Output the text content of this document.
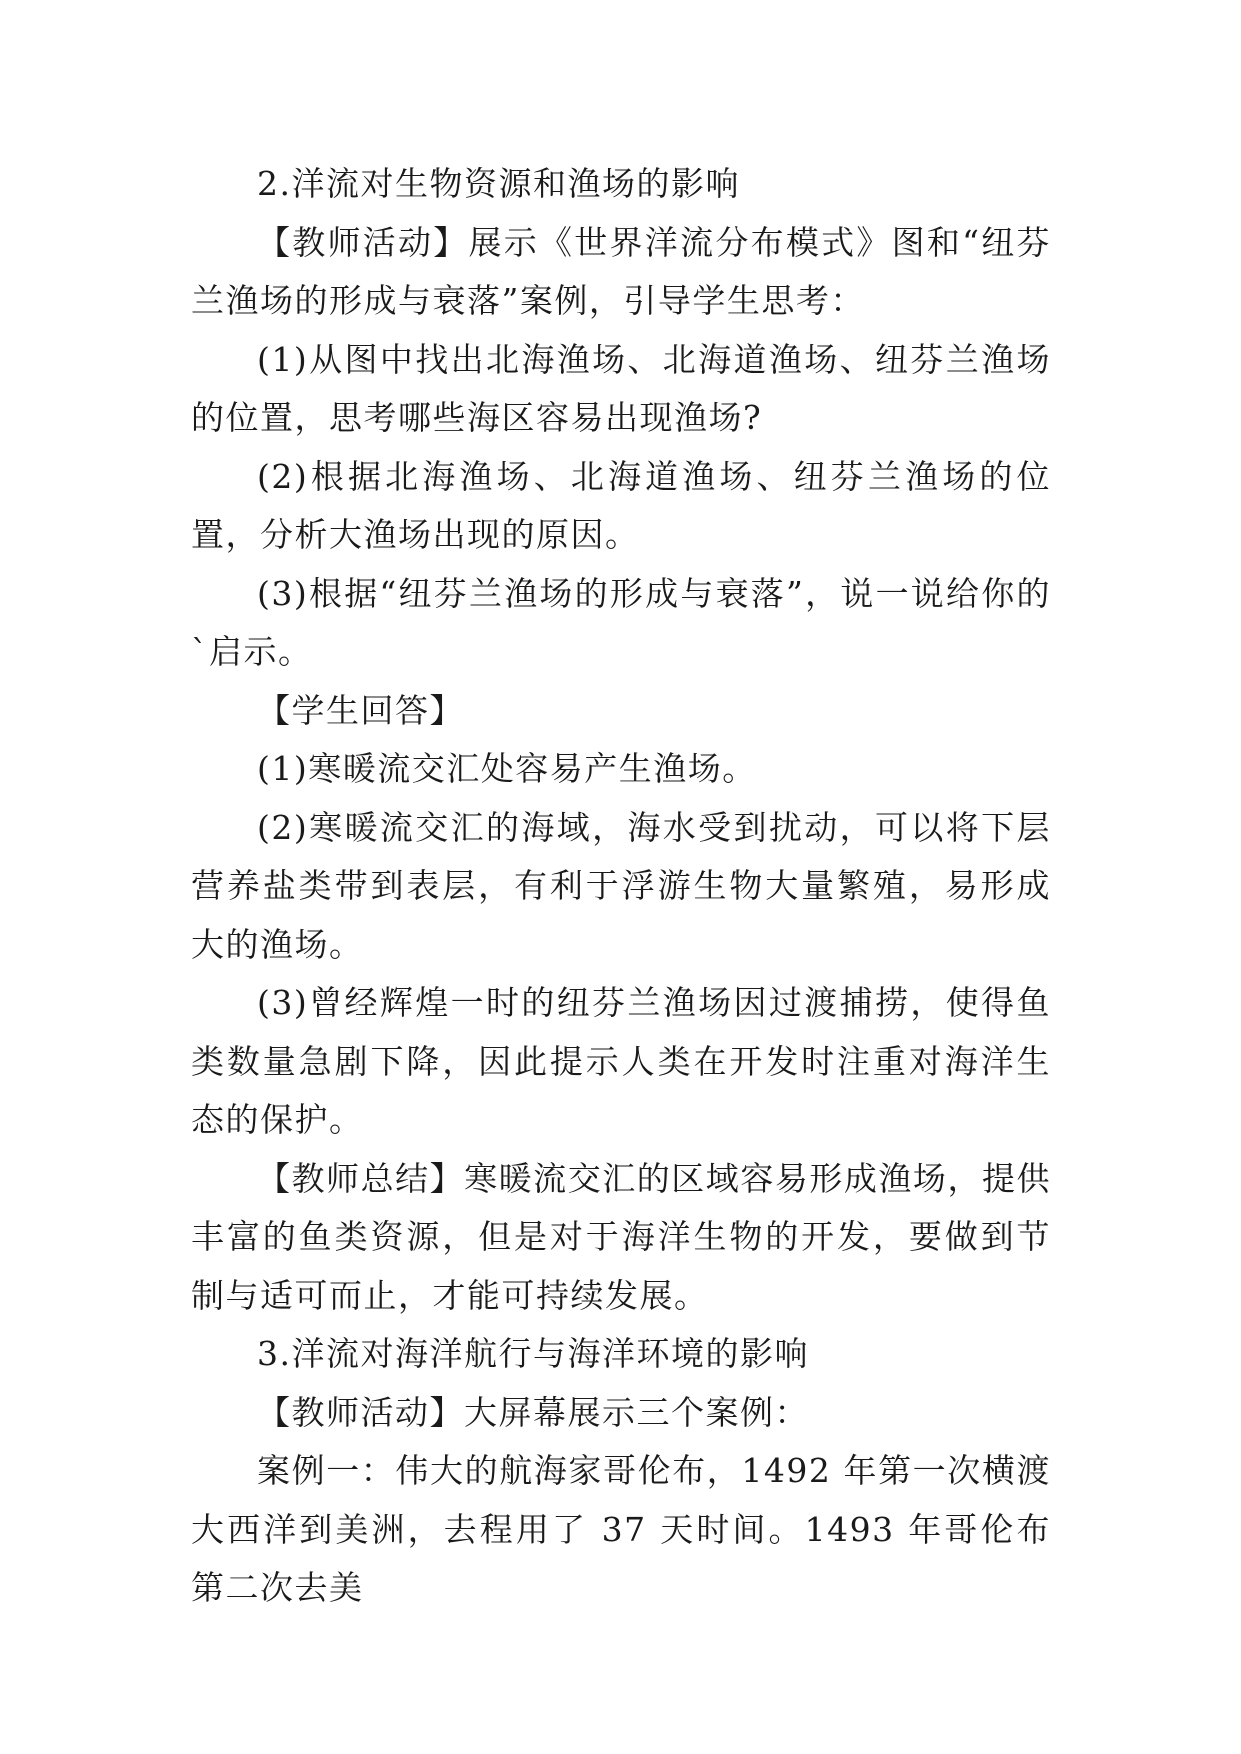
2.洋流对生物资源和渔场的影响

【教师活动】展示《世界洋流分布模式》图和“纽芬兰渔场的形成与衰落”案例，引导学生思考：

(1)从图中找出北海渔场、北海道渔场、纽芬兰渔场的位置，思考哪些海区容易出现渔场?

(2)根据北海渔场、北海道渔场、纽芬兰渔场的位置，分析大渔场出现的原因。

(3)根据“纽芬兰渔场的形成与衰落”，说一说给你的`启示。

【学生回答】

(1)寒暖流交汇处容易产生渔场。

(2)寒暖流交汇的海域，海水受到扰动，可以将下层营养盐类带到表层，有利于浮游生物大量繁殖，易形成大的渔场。

(3)曾经辉煌一时的纽芬兰渔场因过渡捕捞，使得鱼类数量急剧下降，因此提示人类在开发时注重对海洋生态的保护。

【教师总结】寒暖流交汇的区域容易形成渔场，提供丰富的鱼类资源，但是对于海洋生物的开发，要做到节制与适可而止，才能可持续发展。

3.洋流对海洋航行与海洋环境的影响

【教师活动】大屏幕展示三个案例：

案例一：伟大的航海家哥伦布，1492 年第一次横渡大西洋到美洲，去程用了 37 天时间。1493 年哥伦布第二次去美
